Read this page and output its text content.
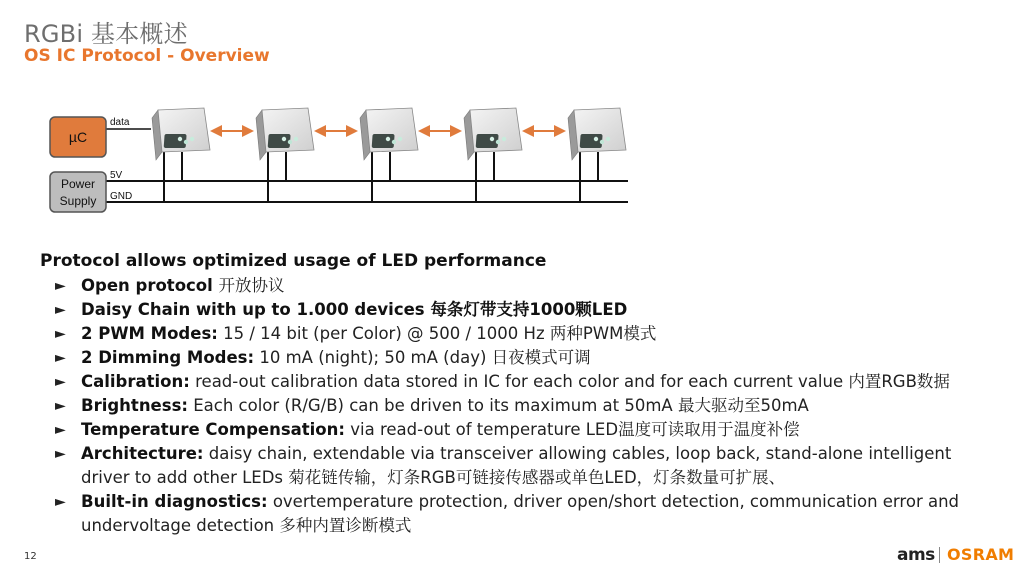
RGBi 基本概述
OS IC Protocol - Overview
5V
GND
data
µC
Power
Supply
Protocol allows optimized usage of LED performance
► Open protocol 开放协议
► Daisy Chain with up to 1.000 devices 每条灯带支持1000颗LED
► 2 PWM Modes: 15 / 14 bit (per Color) @ 500 / 1000 Hz 两种PWM模式
► 2 Dimming Modes: 10 mA (night); 50 mA (day) 日夜模式可调
► Calibration: read-out calibration data stored in IC for each color and for each current value 内置RGB数据
► Brightness: Each color (R/G/B) can be driven to its maximum at 50mA 最大驱动至50mA
► Temperature Compensation: via read-out of temperature LED温度可读取用于温度补偿
► Architecture: daisy chain, extendable via transceiver allowing cables, loop back, stand-alone intelligent driver to add other LEDs 菊花链传输，灯条RGB可链接传感器或单色LED，灯条数量可扩展、
► Built-in diagnostics: overtemperature protection, driver open/short detection, communication error and undervoltage detection 多种内置诊断模式
12	ams OSRAM
